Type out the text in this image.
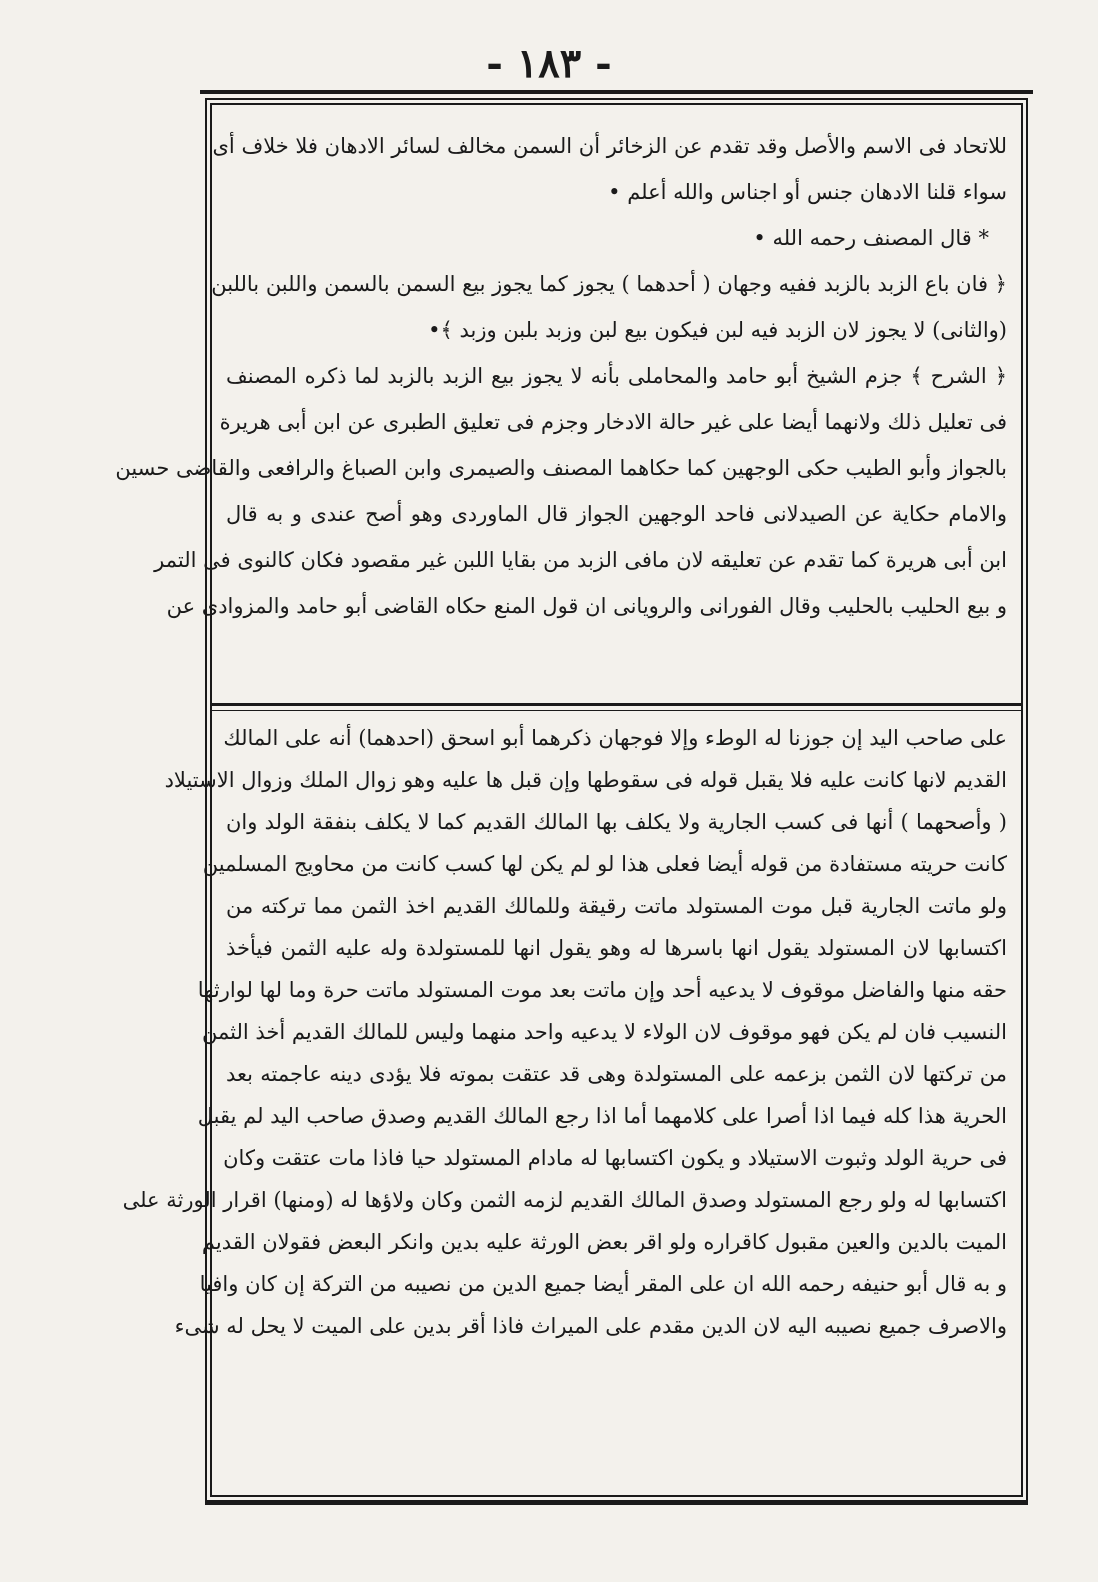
- ١٨٣ -
للاتحاد فى الاسم والأصل وقد تقدم عن الزخائر أن السمن مخالف لسائر الادهان فلا خلاف أى
سواء قلنا الادهان جنس أو اجناس والله أعلم •
* قال المصنف رحمه الله •
﴿ فان باع الزبد بالزبد ففيه وجهان ( أحدهما ) يجوز كما يجوز بيع السمن بالسمن واللبن باللبن
(والثانى) لا يجوز لان الزبد فيه لبن فيكون بيع لبن وزبد بلبن وزبد ﴾•
﴿ الشرح ﴾ جزم الشيخ أبو حامد والمحاملى بأنه لا يجوز بيع الزبد بالزبد لما ذكره المصنف
فى تعليل ذلك ولانهما أيضا على غير حالة الادخار وجزم فى تعليق الطبرى عن ابن أبى هريرة
بالجواز وأبو الطيب حكى الوجهين كما حكاهما المصنف والصيمرى وابن الصباغ والرافعى والقاضى حسين
والامام حكاية عن الصيدلانى فاحد الوجهين الجواز قال الماوردى وهو أصح عندى و به قال
ابن أبى هريرة كما تقدم عن تعليقه لان مافى الزبد من بقايا اللبن غير مقصود فكان كالنوى فى التمر
و بيع الحليب بالحليب وقال الفورانى والرويانى ان قول المنع حكاه القاضى أبو حامد والمزوادى عن
على صاحب اليد إن جوزنا له الوطء وإلا فوجهان ذكرهما أبو اسحق (احدهما) أنه على المالك
القديم لانها كانت عليه فلا يقبل قوله فى سقوطها وإن قبل ها عليه وهو زوال الملك وزوال الاستيلاد
( وأصحهما ) أنها فى كسب الجارية ولا يكلف بها المالك القديم كما لا يكلف بنفقة الولد وان
كانت حريته مستفادة من قوله أيضا فعلى هذا لو لم يكن لها كسب كانت من محاويج المسلمين
ولو ماتت الجارية قبل موت المستولد ماتت رقيقة وللمالك القديم اخذ الثمن مما تركته من
اكتسابها لان المستولد يقول انها باسرها له وهو يقول انها للمستولدة وله عليه الثمن فيأخذ
حقه منها والفاضل موقوف لا يدعيه أحد وإن ماتت بعد موت المستولد ماتت حرة وما لها لوارثها
النسيب فان لم يكن فهو موقوف لان الولاء لا يدعيه واحد منهما وليس للمالك القديم أخذ الثمن
من تركتها لان الثمن بزعمه على المستولدة وهى قد عتقت بموته فلا يؤدى دينه عاجمته بعد
الحرية هذا كله فيما اذا أصرا على كلامهما أما اذا رجع المالك القديم وصدق صاحب اليد لم يقبل
فى حرية الولد وثبوت الاستيلاد و يكون اكتسابها له مادام المستولد حيا فاذا مات عتقت وكان
اكتسابها له ولو رجع المستولد وصدق المالك القديم لزمه الثمن وكان ولاؤها له (ومنها) اقرار الورثة على
الميت بالدين والعين مقبول كاقراره ولو اقر بعض الورثة عليه بدين وانكر البعض فقولان القديم
و به قال أبو حنيفه رحمه الله ان على المقر أيضا جميع الدين من نصيبه من التركة إن كان وافيا
والاصرف جميع نصيبه اليه لان الدين مقدم على الميراث فاذا أقر بدين على الميت لا يحل له شىء
